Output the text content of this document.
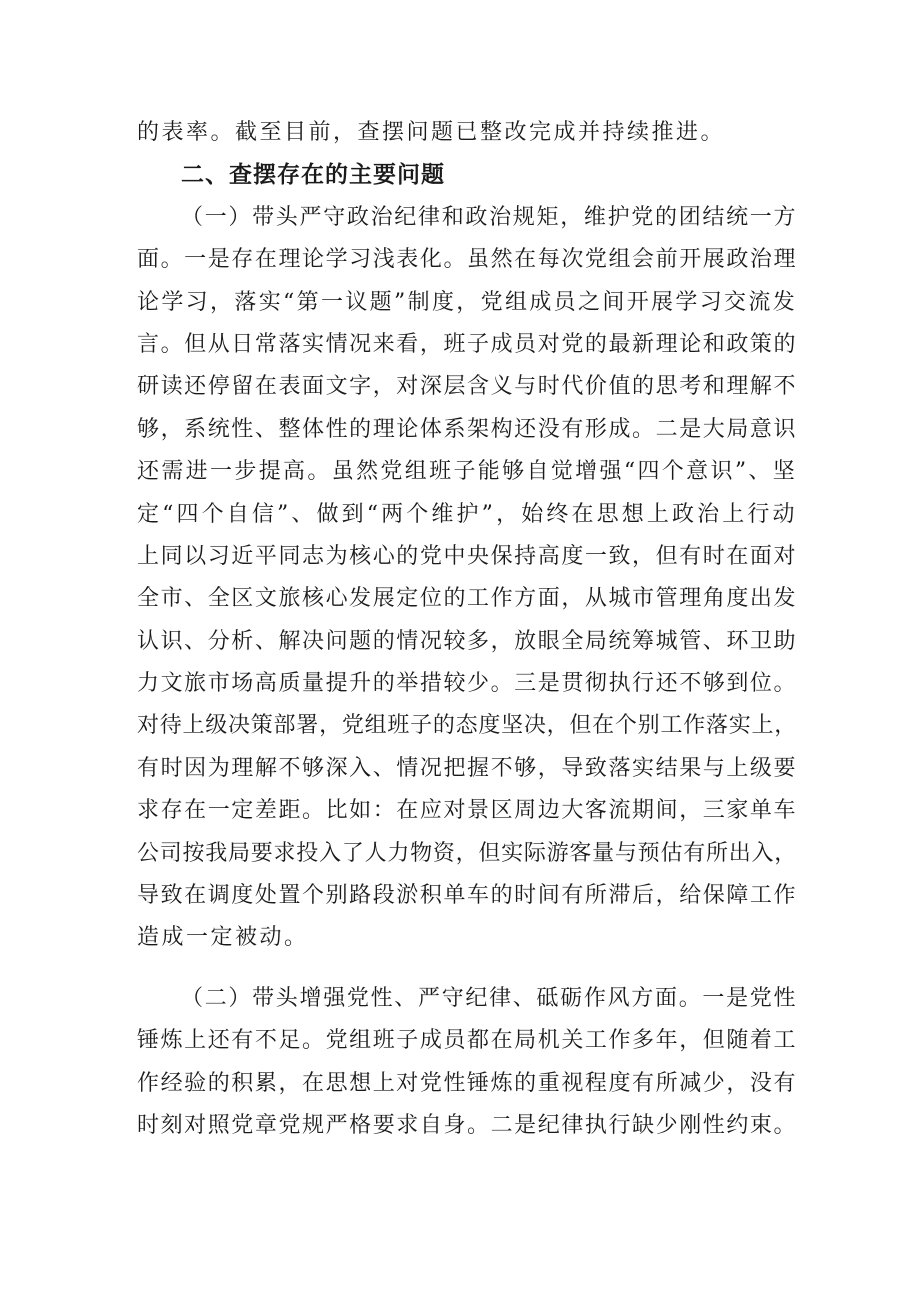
的表率。截至目前，查摆问题已整改完成并持续推进。
二、查摆存在的主要问题
（一）带头严守政治纪律和政治规矩，维护党的团结统一方
面。一是存在理论学习浅表化。虽然在每次党组会前开展政治理
论学习，落实“第一议题”制度，党组成员之间开展学习交流发
言。但从日常落实情况来看，班子成员对党的最新理论和政策的
研读还停留在表面文字，对深层含义与时代价值的思考和理解不
够，系统性、整体性的理论体系架构还没有形成。二是大局意识
还需进一步提高。虽然党组班子能够自觉增强“四个意识”、坚
定“四个自信”、做到“两个维护”，始终在思想上政治上行动
上同以习近平同志为核心的党中央保持高度一致，但有时在面对
全市、全区文旅核心发展定位的工作方面，从城市管理角度出发
认识、分析、解决问题的情况较多，放眼全局统筹城管、环卫助
力文旅市场高质量提升的举措较少。三是贯彻执行还不够到位。
对待上级决策部署，党组班子的态度坚决，但在个别工作落实上，
有时因为理解不够深入、情况把握不够，导致落实结果与上级要
求存在一定差距。比如：在应对景区周边大客流期间，三家单车
公司按我局要求投入了人力物资，但实际游客量与预估有所出入，
导致在调度处置个别路段淤积单车的时间有所滞后，给保障工作
造成一定被动。
（二）带头增强党性、严守纪律、砥砺作风方面。一是党性
锤炼上还有不足。党组班子成员都在局机关工作多年，但随着工
作经验的积累，在思想上对党性锤炼的重视程度有所减少，没有
时刻对照党章党规严格要求自身。二是纪律执行缺少刚性约束。
